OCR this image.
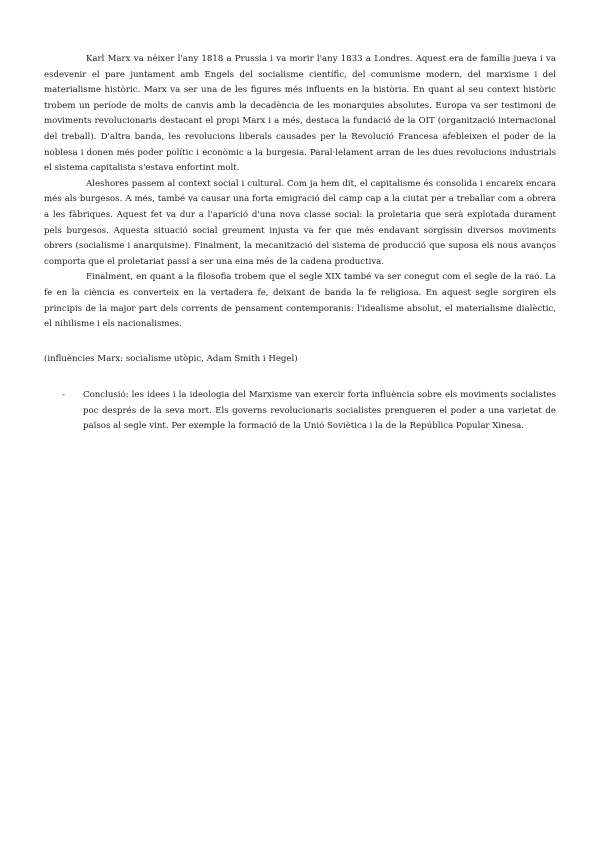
Karl Marx va néixer l'any 1818 a Prussia i va morir l'any 1833 a Londres. Aquest era de família jueva i va esdevenir el pare juntament amb Engels del socialisme científic, del comunisme modern, del marxisme i del materialisme històric. Marx va ser una de les figures més influents en la història. En quant al seu context històric trobem un període de molts de canvis amb la decadència de les monarquies absolutes. Europa va ser testimoni de moviments revolucionaris destacant el propi Marx i a més, destaca la fundació de la OIT (organització internacional del treball). D'altra banda, les revolucions liberals causades per la Revolució Francesa afebleixen el poder de la noblesa i donen més poder polític i econòmic a la burgesia. Paral·lelament arran de les dues revolucions industrials el sistema capitalista s'estava enfortint molt.

Aleshores passem al context social i cultural. Com ja hem dit, el capitalisme és consolida i encareix encara més als burgesos. A més, també va causar una forta emigració del camp cap a la ciutat per a treballar com a obrera a les fàbriques. Aquest fet va dur a l'aparició d'una nova classe social: la proletaria que serà explotada durament pels burgesos. Aquesta situació social greument injusta va fer que més endavant sorgissin diversos moviments obrers (socialisme i anarquisme). Finalment, la mecanització del sistema de producció que suposa els nous avanços comporta que el proletariat passi a ser una eina més de la cadena productiva.

Finalment, en quant a la filosofia trobem que el segle XIX també va ser conegut com el segle de la raó. La fe en la ciència es converteix en la vertadera fe, deixant de banda la fe religiosa. En aquest segle sorgiren els principis de la major part dels corrents de pensament contemporanis: l'idealisme absolut, el materialisme dialèctic, el nihilisme i els nacionalismes.

(influències Marx: socialisme utòpic, Adam Smith i Hegel)

- Conclusió: les idees i la ideologia del Marxisme van exercir forta influència sobre els moviments socialistes poc després de la seva mort. Els governs revolucionaris socialistes prengueren el poder a una varietat de països al segle vint. Per exemple la formació de la Unió Soviètica i la de la República Popular Xinesa.
